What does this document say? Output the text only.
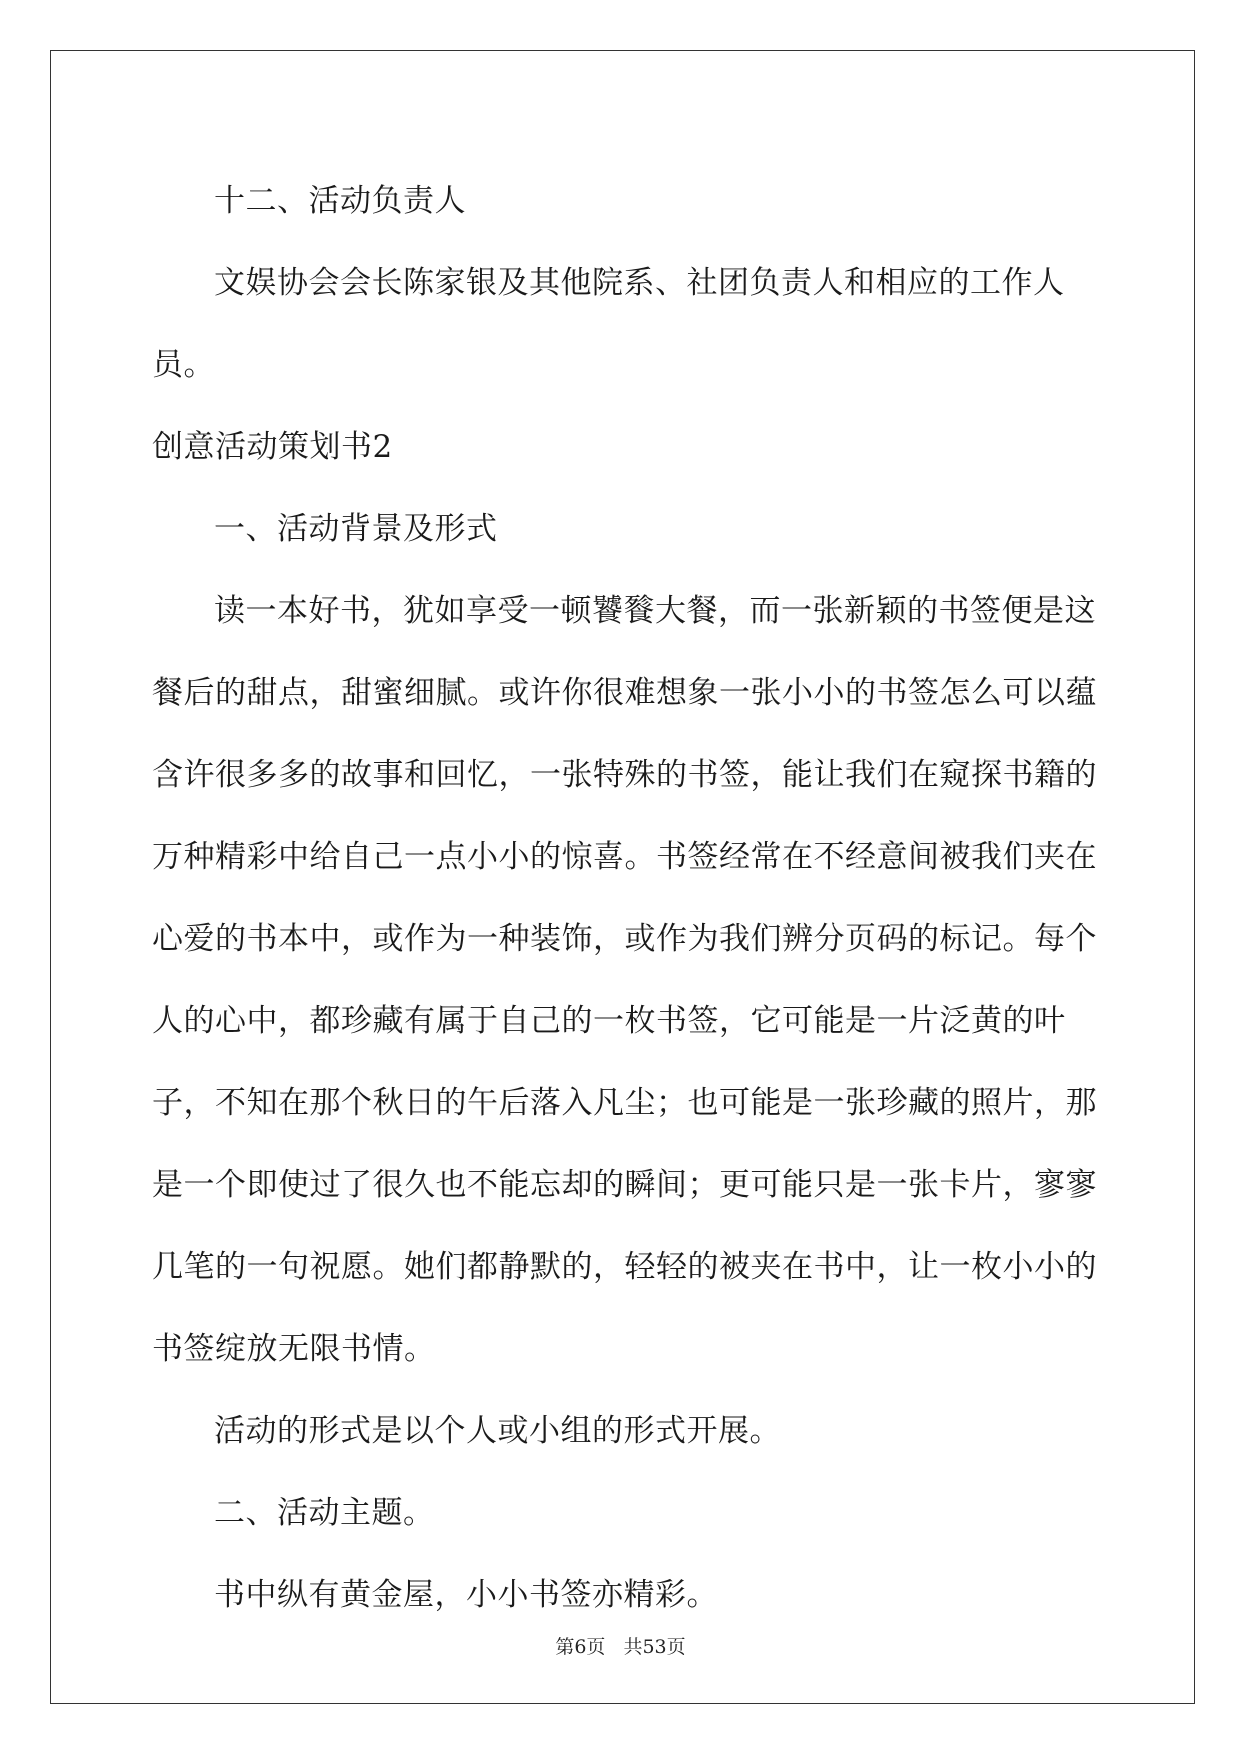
十二、活动负责人

文娱协会会长陈家银及其他院系、社团负责人和相应的工作人员。

创意活动策划书2

一、活动背景及形式

读一本好书，犹如享受一顿饕餮大餐，而一张新颖的书签便是这餐后的甜点，甜蜜细腻。或许你很难想象一张小小的书签怎么可以蕴含许很多多的故事和回忆，一张特殊的书签，能让我们在窥探书籍的万种精彩中给自己一点小小的惊喜。书签经常在不经意间被我们夹在心爱的书本中，或作为一种装饰，或作为我们辨分页码的标记。每个人的心中，都珍藏有属于自己的一枚书签，它可能是一片泛黄的叶子，不知在那个秋日的午后落入凡尘；也可能是一张珍藏的照片，那是一个即使过了很久也不能忘却的瞬间；更可能只是一张卡片，寥寥几笔的一句祝愿。她们都静默的，轻轻的被夹在书中，让一枚小小的书签绽放无限书情。

活动的形式是以个人或小组的形式开展。

二、活动主题。

书中纵有黄金屋，小小书签亦精彩。

第6页 共53页
